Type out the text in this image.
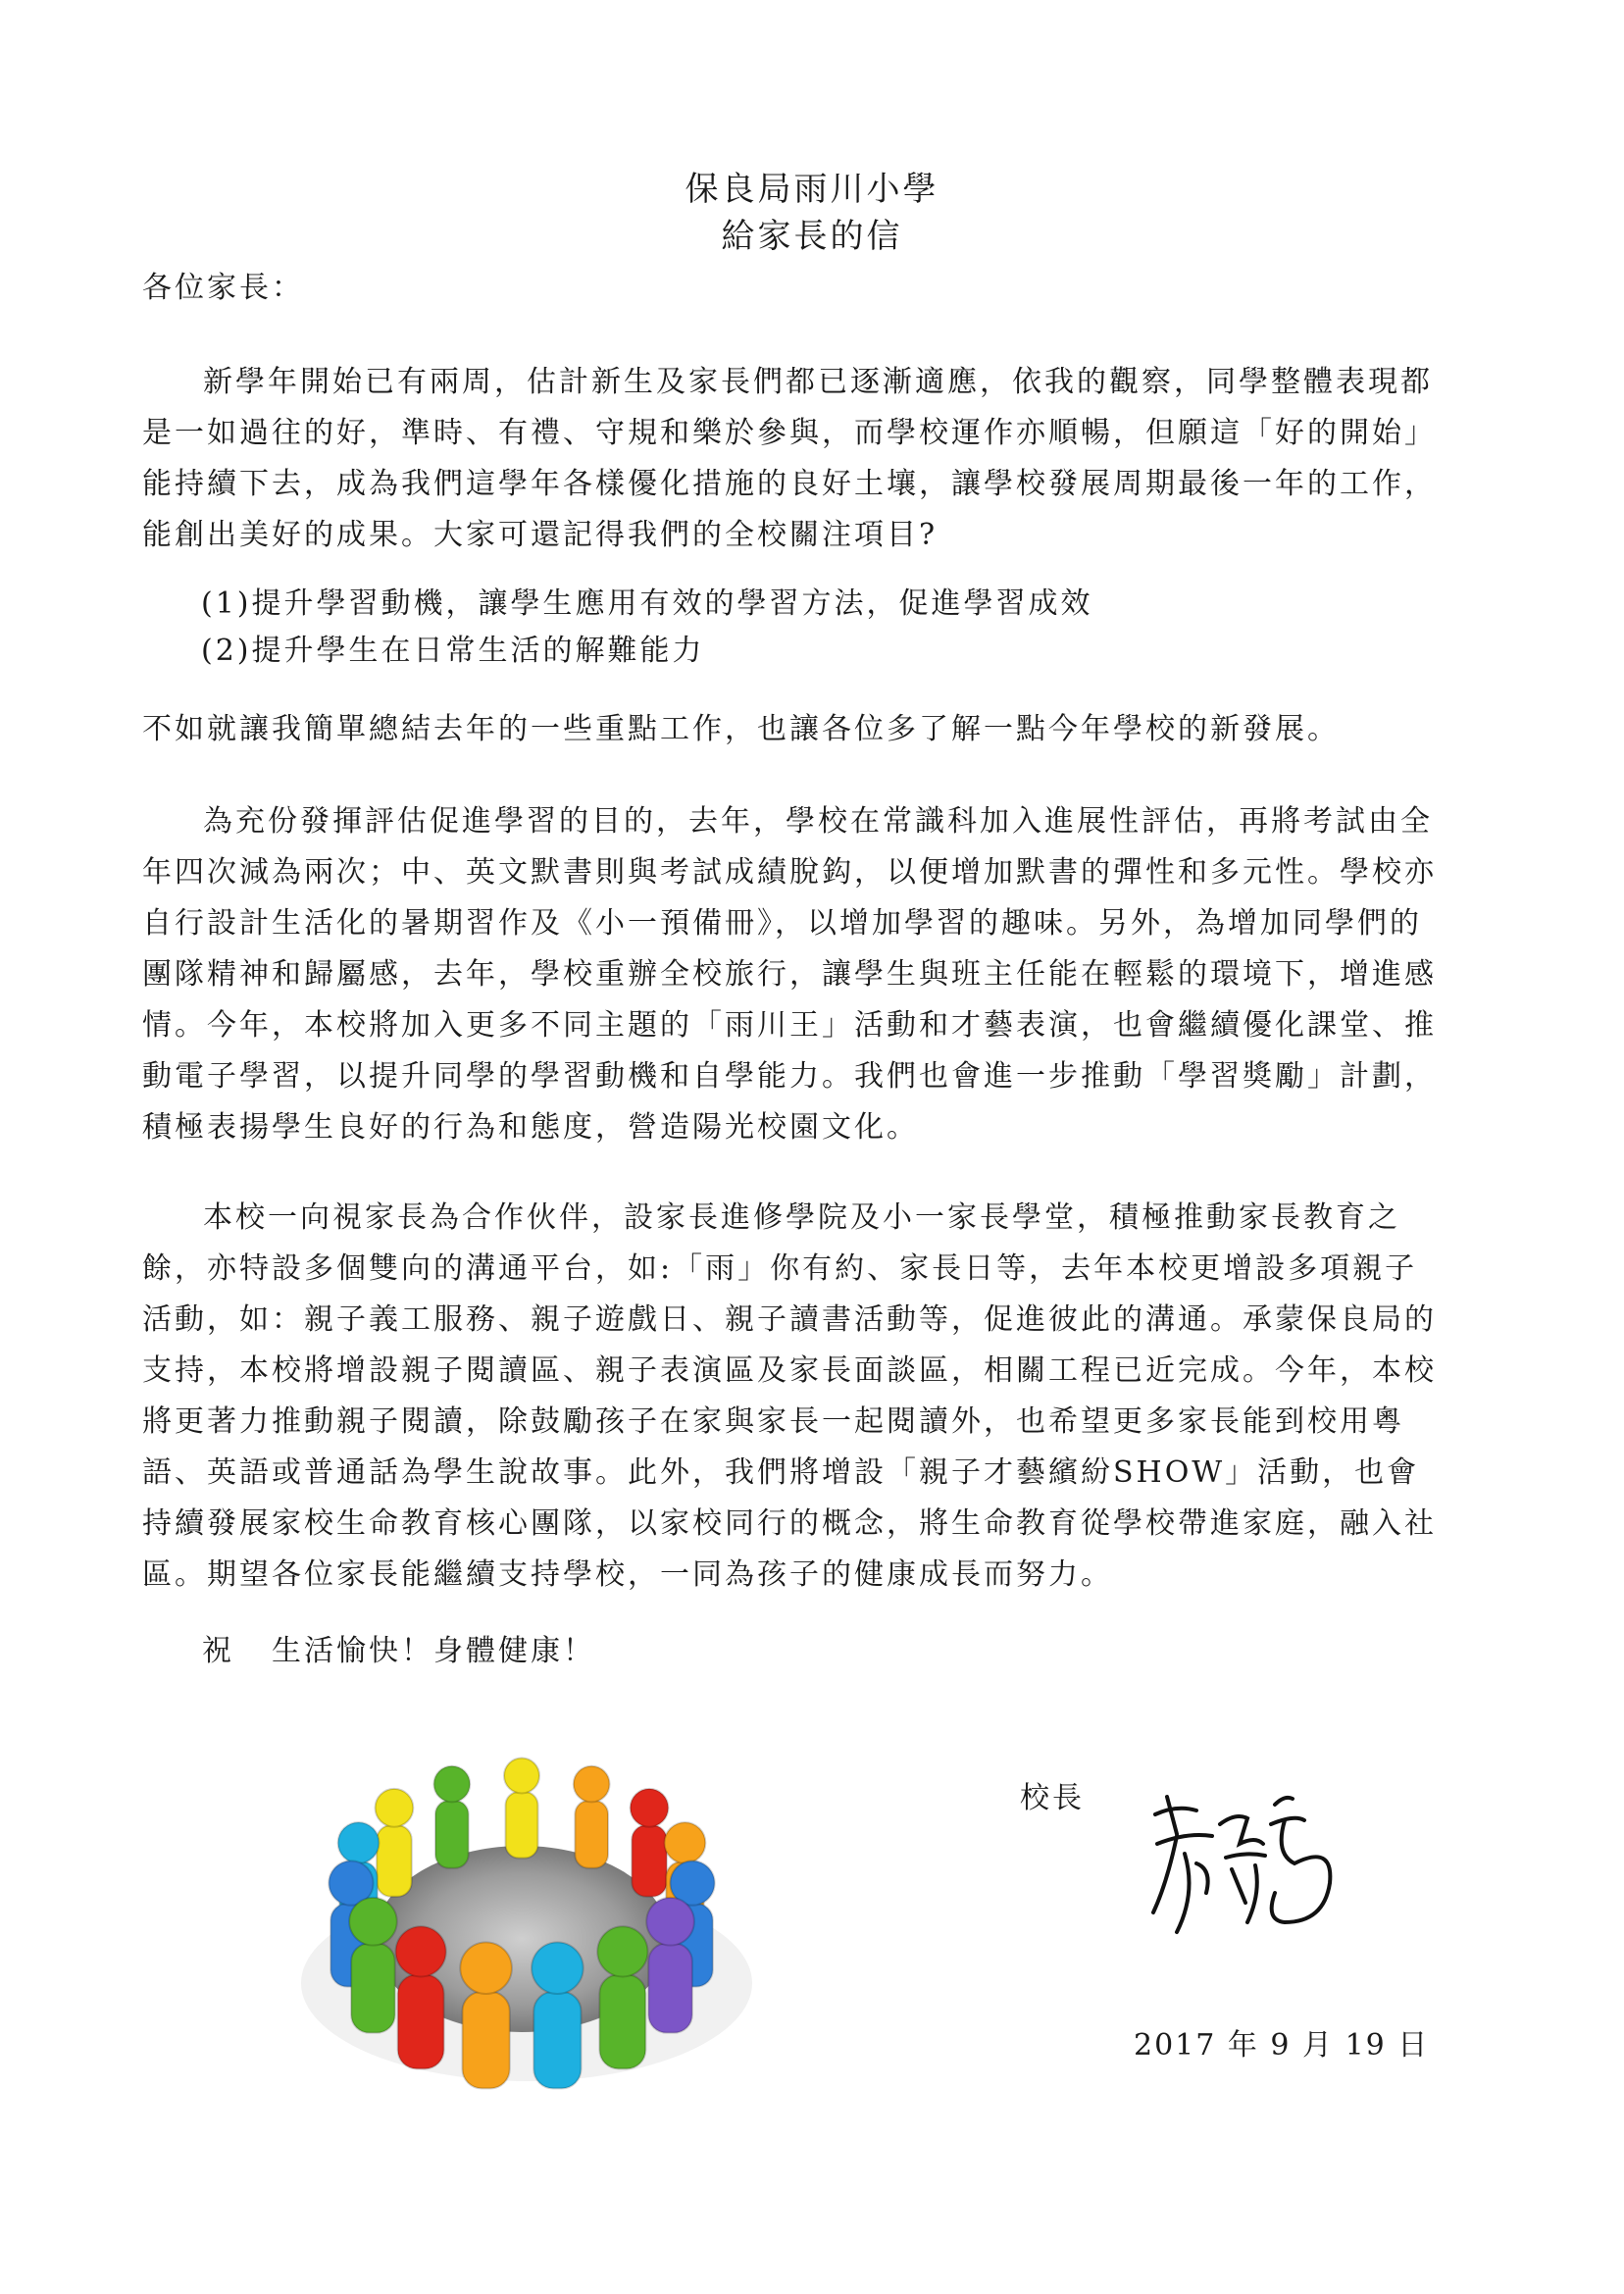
保良局雨川小學
給家長的信
各位家長：
新學年開始已有兩周，估計新生及家長們都已逐漸適應，依我的觀察，同學整體表現都是一如過往的好，準時、有禮、守規和樂於參與，而學校運作亦順暢，但願這「好的開始」能持續下去，成為我們這學年各樣優化措施的良好土壤，讓學校發展周期最後一年的工作，能創出美好的成果。大家可還記得我們的全校關注項目?
(1)提升學習動機，讓學生應用有效的學習方法，促進學習成效
(2)提升學生在日常生活的解難能力
不如就讓我簡單總結去年的一些重點工作，也讓各位多了解一點今年學校的新發展。
為充份發揮評估促進學習的目的，去年，學校在常識科加入進展性評估，再將考試由全年四次減為兩次；中、英文默書則與考試成績脫鈎，以便增加默書的彈性和多元性。學校亦自行設計生活化的暑期習作及《小一預備冊》，以增加學習的趣味。另外，為增加同學們的團隊精神和歸屬感，去年，學校重辦全校旅行，讓學生與班主任能在輕鬆的環境下，增進感情。今年，本校將加入更多不同主題的「雨川王」活動和才藝表演，也會繼續優化課堂、推動電子學習，以提升同學的學習動機和自學能力。我們也會進一步推動「學習獎勵」計劃，積極表揚學生良好的行為和態度，營造陽光校園文化。
本校一向視家長為合作伙伴，設家長進修學院及小一家長學堂，積極推動家長教育之餘，亦特設多個雙向的溝通平台，如:「雨」你有約、家長日等，去年本校更增設多項親子活動，如：親子義工服務、親子遊戲日、親子讀書活動等，促進彼此的溝通。承蒙保良局的支持，本校將增設親子閱讀區、親子表演區及家長面談區，相關工程已近完成。今年，本校將更著力推動親子閱讀，除鼓勵孩子在家與家長一起閱讀外，也希望更多家長能到校用粵語、英語或普通話為學生說故事。此外，我們將增設「親子才藝繽紛SHOW」活動，也會持續發展家校生命教育核心團隊，以家校同行的概念，將生命教育從學校帶進家庭，融入社區。期望各位家長能繼續支持學校，一同為孩子的健康成長而努力。
祝 生活愉快！身體健康！
校長
2017 年 9 月 19 日
